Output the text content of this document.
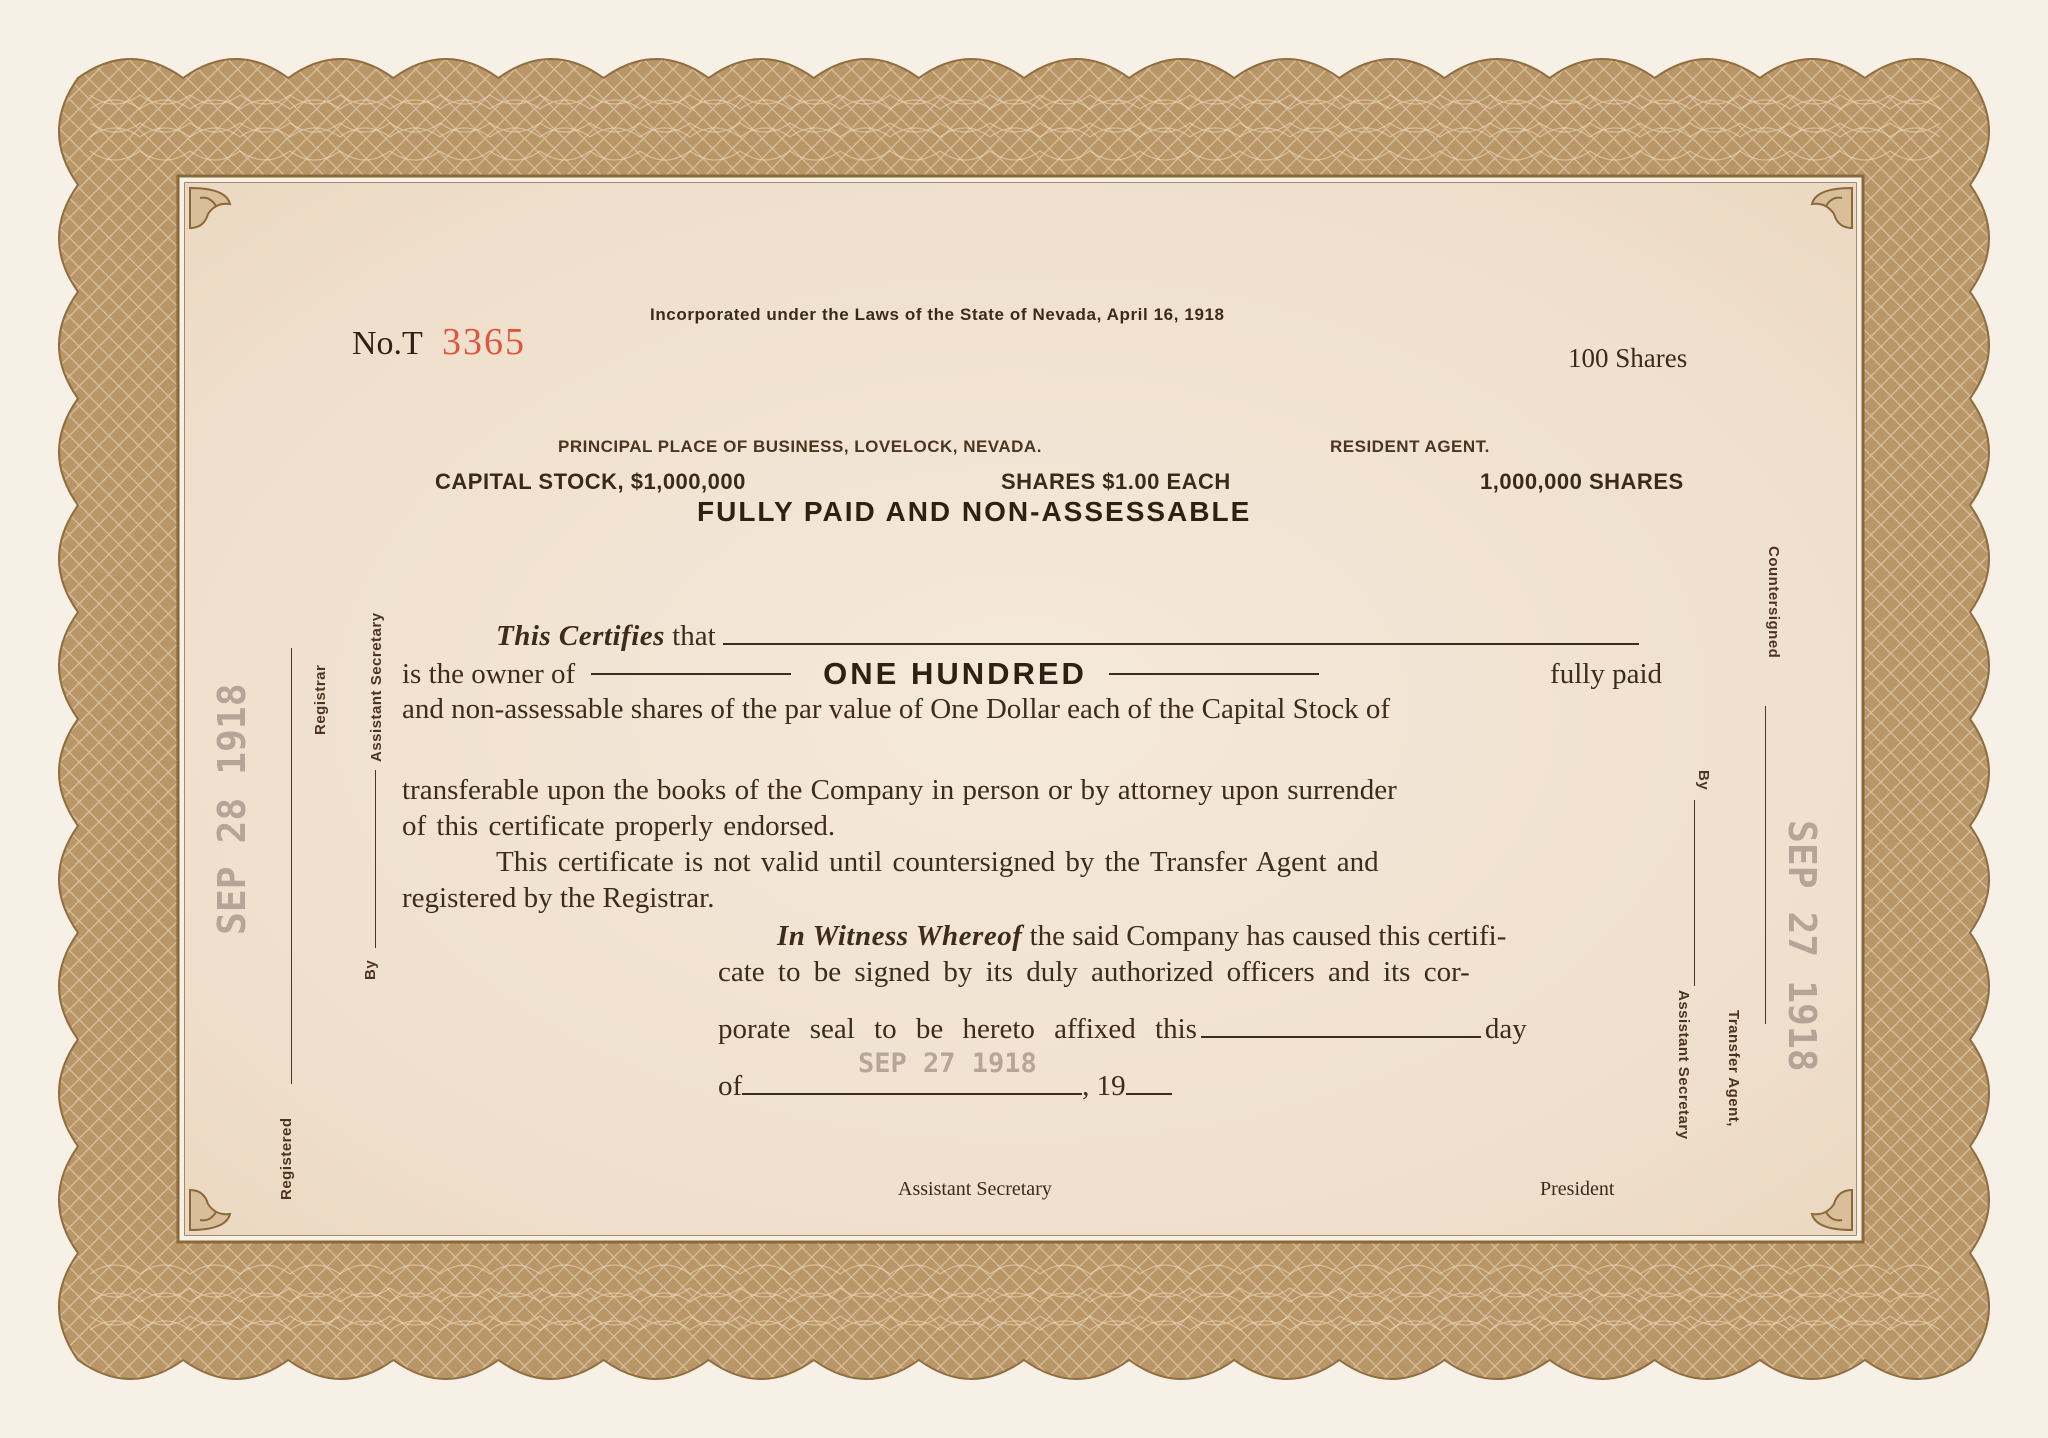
Incorporated under the Laws of the State of Nevada, April 16, 1918
No.T 3365	100 Shares
PRINCIPAL PLACE OF BUSINESS, LOVELOCK, NEVADA.	RESIDENT AGENT.
CAPITAL STOCK, $1,000,000	SHARES $1.00 EACH	1,000,000 SHARES
FULLY PAID AND NON-ASSESSABLE
This Certifies that
is the owner of	ONE HUNDRED	fully paid
and non-assessable shares of the par value of One Dollar each of the Capital Stock of
transferable upon the books of the Company in person or by attorney upon surrender
of this certificate properly endorsed.
This certificate is not valid until countersigned by the Transfer Agent and
registered by the Registrar.
In Witness Whereof the said Company has caused this certifi-
cate to be signed by its duly authorized officers and its cor-
porate seal to be hereto affixed this	day
of	, 19
Assistant Secretary	President
Registered
Registrar
By
Assistant Secretary
Countersigned
Transfer Agent,
By
Assistant Secretary
SEP 28 1918
SEP 27 1918
SEP 27 1918
